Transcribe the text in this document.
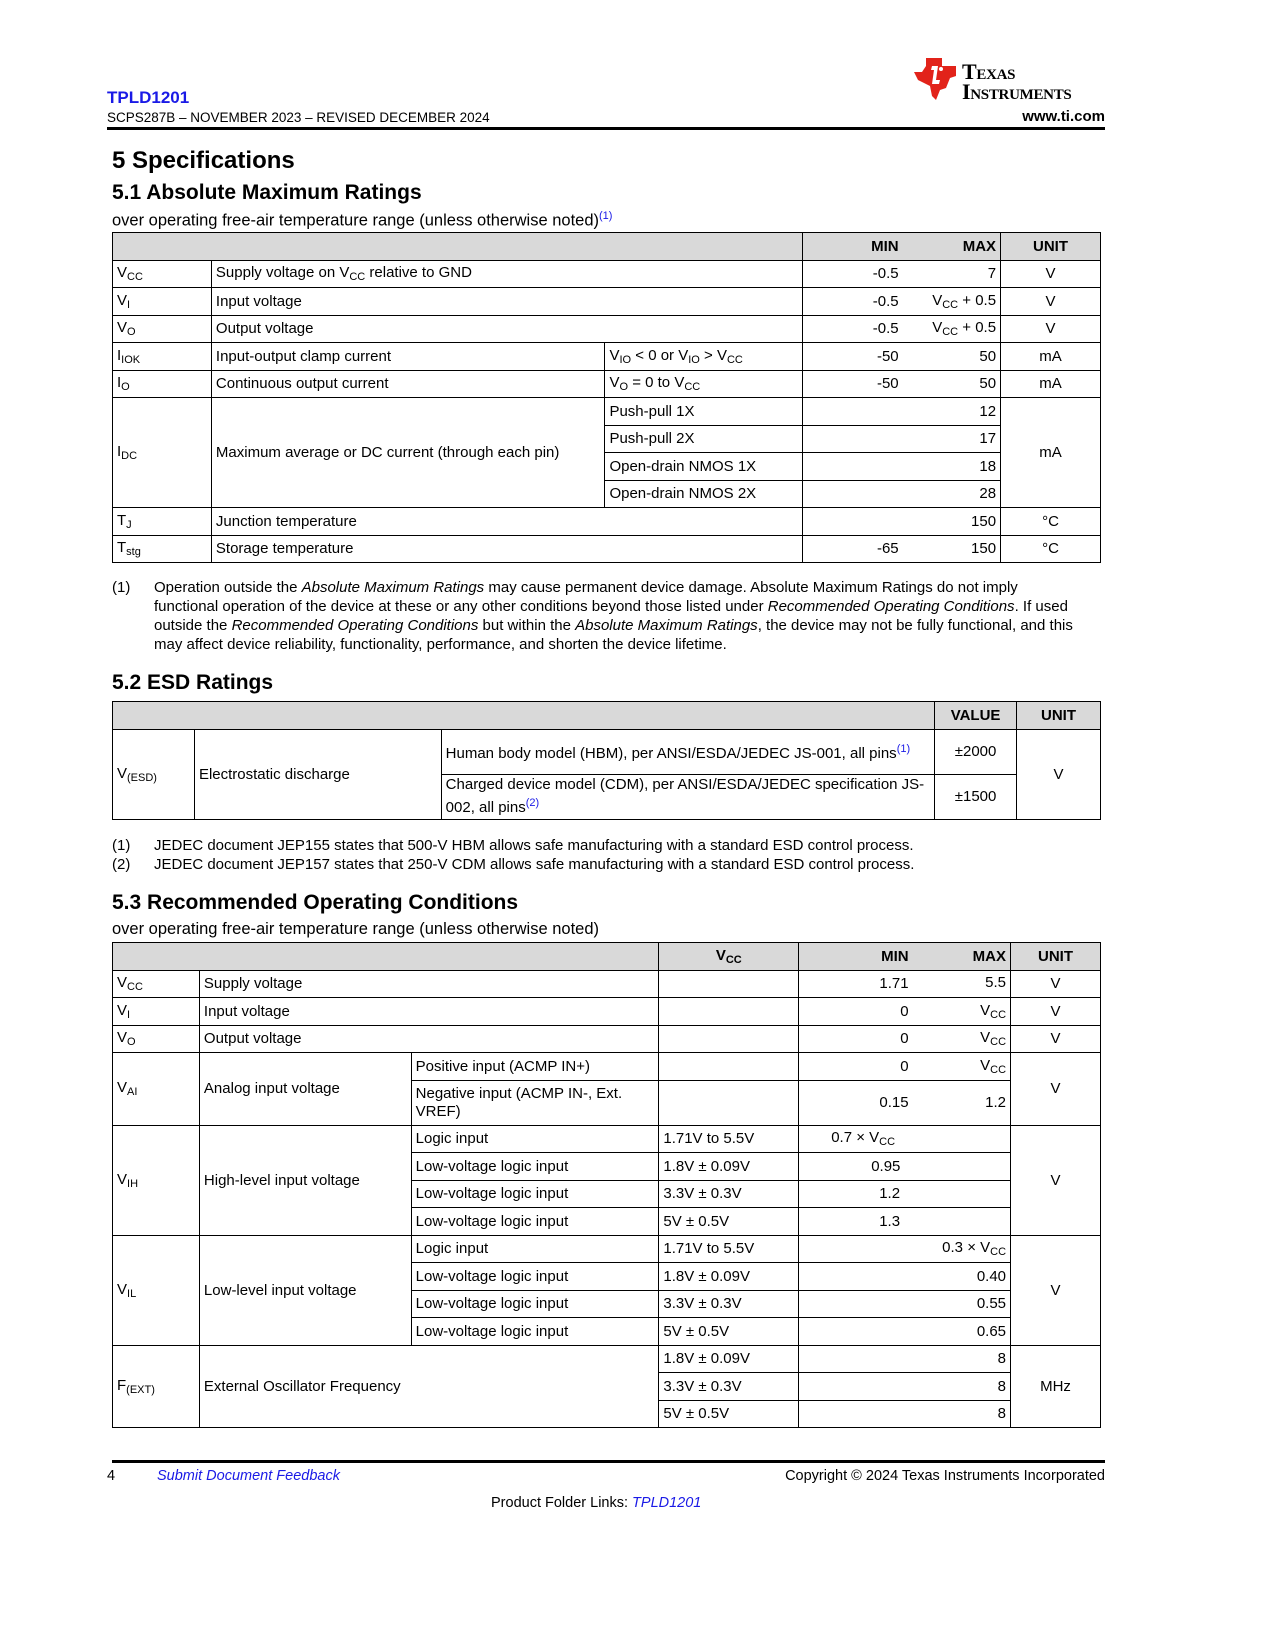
TPLD1201
SCPS287B – NOVEMBER 2023 – REVISED DECEMBER 2024
Texas
Instruments
www.ti.com
5 Specifications
5.1 Absolute Maximum Ratings
over operating free-air temperature range (unless otherwise noted)$^{(1)}$
			MIN	MAX	UNIT
$V_{CC}$	Supply voltage on $V_{CC}$ relative to GND		-0.5	7	V
$V_I$	Input voltage		-0.5	$V_{CC} + 0.5$	V
$V_O$	Output voltage		-0.5	$V_{CC} + 0.5$	V
$I_{IOK}$	Input-output clamp current	$V_{IO} < 0$ or $V_{IO} > V_{CC}$	-50	50	mA
$I_O$	Continuous output current	$V_O = 0$ to $V_{CC}$	-50	50	mA
$I_{DC}$	Maximum average or DC current (through each pin)	Push-pull 1X	12		mA
		Push-pull 2X	17		
		Open-drain NMOS 1X	18		
		Open-drain NMOS 2X	28		
$T_J$	Junction temperature		150		°C
$T_{stg}$	Storage temperature		-65	150	°C
(1)	Operation outside the Absolute Maximum Ratings may cause permanent device damage. Absolute Maximum Ratings do not imply functional operation of the device at these or any other conditions beyond those listed under Recommended Operating Conditions. If used outside the Recommended Operating Conditions but within the Absolute Maximum Ratings, the device may not be fully functional, and this may affect device reliability, functionality, performance, and shorten the device lifetime.
5.2 ESD Ratings
			VALUE	UNIT
$V_{(ESD)}$	Electrostatic discharge	Human body model (HBM), per ANSI/ESDA/JEDEC JS-001, all pins$^{(1)}$	±2000	V
		Charged device model (CDM), per ANSI/ESDA/JEDEC specification JS-002, all pins$^{(2)}$	±1500	
(1)	JEDEC document JEP155 states that 500-V HBM allows safe manufacturing with a standard ESD control process.
(2)	JEDEC document JEP157 states that 250-V CDM allows safe manufacturing with a standard ESD control process.
5.3 Recommended Operating Conditions
over operating free-air temperature range (unless otherwise noted)
			$V_{CC}$	MIN	MAX	UNIT
$V_{CC}$	Supply voltage			1.71	5.5	V
$V_I$	Input voltage			0	$V_{CC}$	V
$V_O$	Output voltage			0	$V_{CC}$	V
$V_{AI}$	Analog input voltage	Positive input (ACMP IN+)		0	$V_{CC}$	V
		Negative input (ACMP IN-, Ext. VREF)		0.15	1.2	
$V_{IH}$	High-level input voltage	Logic input	1.71V to 5.5V	$0.7 \times V_{CC}$		V
		Low-voltage logic input	1.8V ± 0.09V	0.95		
		Low-voltage logic input	3.3V ± 0.3V	1.2		
		Low-voltage logic input	5V ± 0.5V	1.3		
$V_{IL}$	Low-level input voltage	Logic input	1.71V to 5.5V	$0.3 \times V_{CC}$		V
		Low-voltage logic input	1.8V ± 0.09V	0.40		
		Low-voltage logic input	3.3V ± 0.3V	0.55		
		Low-voltage logic input	5V ± 0.5V	0.65		
$F_{(EXT)}$	External Oscillator Frequency		1.8V ± 0.09V	8		MHz
			3.3V ± 0.3V	8		
			5V ± 0.5V	8		
4	Submit Document Feedback	Copyright © 2024 Texas Instruments Incorporated
Product Folder Links: TPLD1201
